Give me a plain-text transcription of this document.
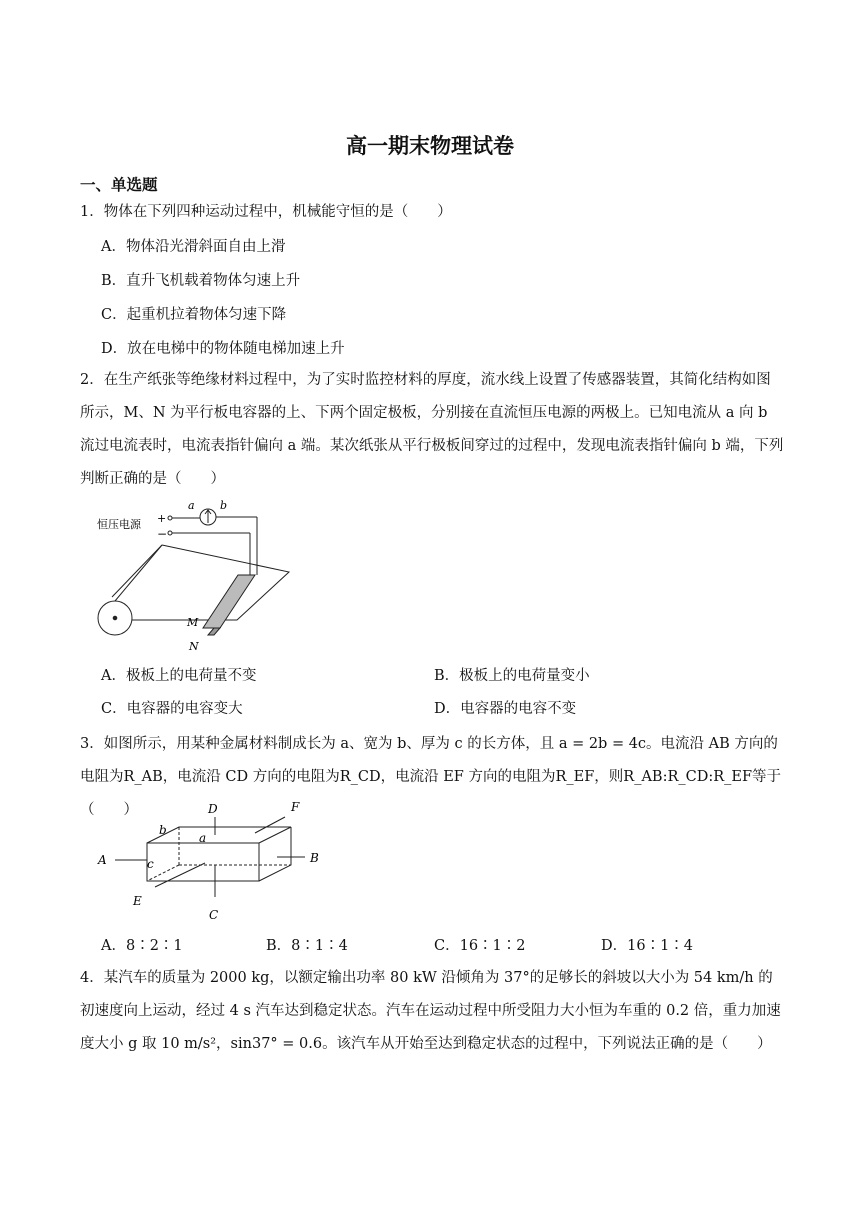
高一期末物理试卷
一、单选题
1．物体在下列四种运动过程中，机械能守恒的是（　　）
A．物体沿光滑斜面自由上滑
B．直升飞机载着物体匀速上升
C．起重机拉着物体匀速下降
D．放在电梯中的物体随电梯加速上升
2．在生产纸张等绝缘材料过程中，为了实时监控材料的厚度，流水线上设置了传感器装置，其简化结构如图所示，M、N 为平行板电容器的上、下两个固定极板，分别接在直流恒压电源的两极上。已知电流从 a 向 b 流过电流表时，电流表指针偏向 a 端。某次纸张从平行极板间穿过的过程中，发现电流表指针偏向 b 端，下列判断正确的是（　　）
恒压电源 +
−
a b
M
N
A．极板上的电荷量不变	B．极板上的电荷量变小
C．电容器的电容变大	D．电容器的电容不变
3．如图所示，用某种金属材料制成长为 a、宽为 b、厚为 c 的长方体，且 a = 2b = 4c。电流沿 AB 方向的电阻为R_AB，电流沿 CD 方向的电阻为R_CD，电流沿 EF 方向的电阻为R_EF，则R_AB:R_CD:R_EF等于（　　）
A	B
C
D
E
F
a
b
c
A．8∶2∶1	B．8∶1∶4	C．16∶1∶2	D．16∶1∶4
4．某汽车的质量为 2000 kg，以额定输出功率 80 kW 沿倾角为 37°的足够长的斜坡以大小为 54 km/h 的初速度向上运动，经过 4 s 汽车达到稳定状态。汽车在运动过程中所受阻力大小恒为车重的 0.2 倍，重力加速度大小 g 取 10 m/s²，sin37° = 0.6。该汽车从开始至达到稳定状态的过程中，下列说法正确的是（　　）
